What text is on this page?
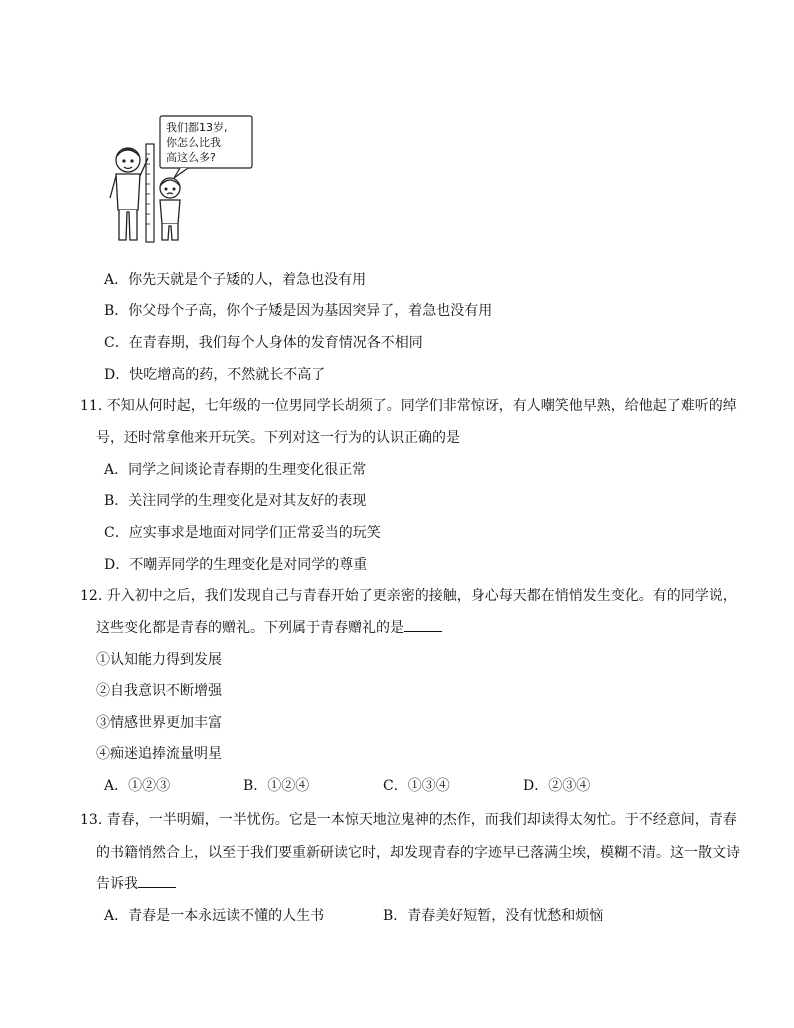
我们都13岁,
你怎么比我
高这么多?
A．你先天就是个子矮的人，着急也没有用
B．你父母个子高，你个子矮是因为基因突异了，着急也没有用
C．在青春期，我们每个人身体的发育情况各不相同
D．快吃增高的药，不然就长不高了
11. 不知从何时起，七年级的一位男同学长胡须了。同学们非常惊讶，有人嘲笑他早熟，给他起了难听的绰
号，还时常拿他来开玩笑。下列对这一行为的认识正确的是
A．同学之间谈论青春期的生理变化很正常
B．关注同学的生理变化是对其友好的表现
C．应实事求是地面对同学们正常妥当的玩笑
D．不嘲弄同学的生理变化是对同学的尊重
12. 升入初中之后，我们发现自己与青春开始了更亲密的接触，身心每天都在悄悄发生变化。有的同学说，
这些变化都是青春的赠礼。下列属于青春赠礼的是
①认知能力得到发展
②自我意识不断增强
③情感世界更加丰富
④痴迷追捧流量明星
A．①②③	B．①②④	C．①③④	D．②③④
13. 青春，一半明媚，一半忧伤。它是一本惊天地泣鬼神的杰作，而我们却读得太匆忙。于不经意间，青春
的书籍悄然合上，以至于我们要重新研读它时，却发现青春的字迹早已落满尘埃，模糊不清。这一散文诗
告诉我
A．青春是一本永远读不懂的人生书	B．青春美好短暂，没有忧愁和烦恼
